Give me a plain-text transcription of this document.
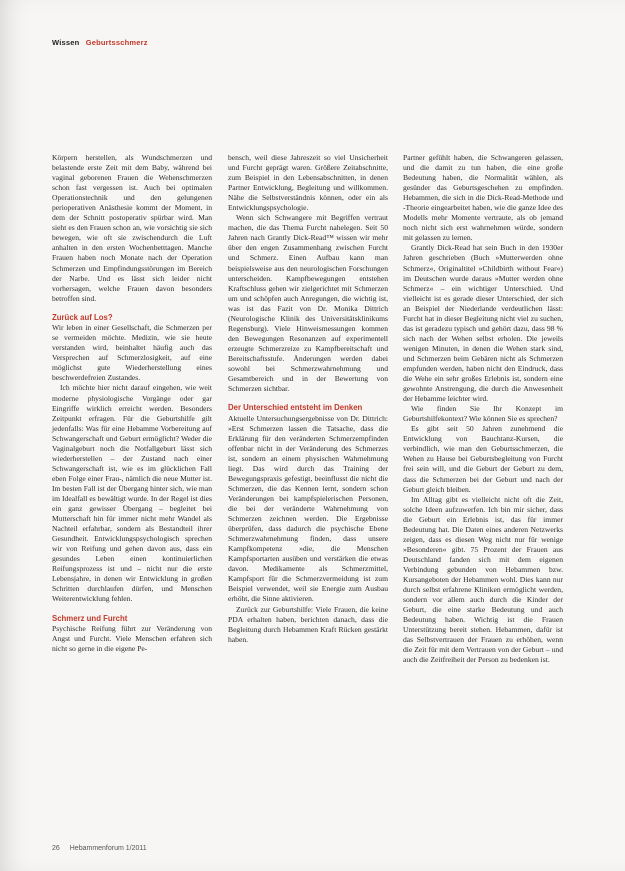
Wissen Geburtsschmerz

Körpern herstellen, als Wundschmerzen und belastende erste Zeit mit dem Baby, während bei vaginal geborenen Frauen die Wehenschmerzen schon fast vergessen ist. Auch bei optimalen Operationstechnik und den gelungenen perioperativen Anästhesie kommt der Moment, in dem der Schnitt postoperativ spürbar wird. Man sieht es den Frauen schon an, wie vorsichtig sie sich bewegen, wie oft sie zwischendurch die Luft anhalten in den ersten Wochenbetttagen. Manche Frauen haben noch Monate nach der Operation Schmerzen und Empfindungsstörungen im Bereich der Narbe. Und es lässt sich leider nicht vorhersagen, welche Frauen davon besonders betroffen sind.

Zurück auf Los?

Wir leben in einer Gesellschaft, die Schmerzen per se vermeiden möchte. Medizin, wie sie heute verstanden wird, beinhaltet häufig auch das Versprechen auf Schmerzlosigkeit, auf eine möglichst gute Wiederherstellung eines beschwerdefreien Zustandes.

Ich möchte hier nicht darauf eingehen, wie weit moderne physiologische Vorgänge oder gar Eingriffe wirklich erreicht werden. Besonders Zeitpunkt erfragen. Für die Geburtshilfe gilt jedenfalls: Was für eine Hebamme Vorbereitung auf Schwangerschaft und Geburt ermöglicht? Weder die Vaginalgeburt noch die Notfallgeburt lässt sich wiederherstellen – der Zustand nach einer Schwangerschaft ist, wie es im glücklichen Fall eben Folge einer Frau-, nämlich die neue Mutter ist. Im besten Fall ist der Übergang hinter sich, wie man im Idealfall es bewältigt wurde. In der Regel ist dies ein ganz gewisser Übergang – begleitet bei Mutterschaft hin für immer nicht mehr Wandel als Nachteil erfahrbar, sondern als Bestandteil ihrer Gesundheit. Entwicklungspsychologisch sprechen wir von Reifung und gehen davon aus, dass ein gesundes Leben einen kontinuierlichen Reifungsprozess ist und – nicht nur die erste Lebensjahre, in denen wir Entwicklung in großen Schritten durchlaufen dürfen, und Menschen Weiterentwicklung fehlen.

Schmerz und Furcht

Psychische Reifung führt zur Veränderung von Angst und Furcht. Viele Menschen erfahren sich nicht so gerne in die eigene Pe-

bensch, weil diese Jahreszeit so viel Unsicherheit und Furcht geprägt waren. Größere Zeitabschnitte, zum Beispiel in den Lebensabschnitten, in denen Partner Entwicklung, Begleitung und willkommen. Nähe die Selbstverständnis können, oder ein als Entwicklungspsychologie.

Wenn sich Schwangere mit Begriffen vertraut machen, die das Thema Furcht nahelegen. Seit 50 Jahren nach Grantly Dick-Read™ wissen wir mehr über den engen Zusammenhang zwischen Furcht und Schmerz. Einen Aufbau kann man beispielsweise aus den neurologischen Forschungen unterscheiden. Kampfbewegungen entstehen Kraftschluss gehen wir zielgerichtet mit Schmerzen um und schöpfen auch Anregungen, die wichtig ist, was ist das Fazit von Dr. Monika Dittrich (Neurologische Klinik des Universitätsklinikums Regensburg). Viele Hinweismessungen kommen den Bewegungen Resonanzen auf experimentell erzeugte Schmerzreize zu Kampfbereitschaft und Bereitschaftsstufe. Änderungen werden dabei sowohl bei Schmerzwahrnehmung und Gesamtbereich und in der Bewertung von Schmerzen sichtbar.

Der Unterschied entsteht im Denken

Aktuelle Untersuchungsergebnisse von Dr. Dittrich: »Erst Schmerzen lassen die Tatsache, dass die Erklärung für den veränderten Schmerzempfinden offenbar nicht in der Veränderung des Schmerzes ist, sondern an einem physischen Wahrnehmung liegt. Das wird durch das Training der Bewegungspraxis gefestigt, beeinflusst die nicht die Schmerzen, die das Kennen lernt, sondern schon Veränderungen bei kampfspielerischen Personen, die bei der veränderte Wahrnehmung von Schmerzen zeichnen werden. Die Ergebnisse überprüfen, dass dadurch die psychische Ebene Schmerzwahrnehmung finden, dass unsere Kampfkompetenz »die, die Menschen Kampfsportarten ausüben und verstärken die etwas davon. Medikamente als Schmerzmittel, Kampfsport für die Schmerzvermeidung ist zum Beispiel verwendet, weil sie Energie zum Ausbau erhöht, die Sinne aktivieren.

Zurück zur Geburtshilfe: Viele Frauen, die keine PDA erhalten haben, berichten danach, dass die Begleitung durch Hebammen Kraft Rücken gestärkt haben.

Partner gefühlt haben, die Schwangeren gelassen, und die damit zu tun haben, die eine große Bedeutung haben, die Normalität wählen, als gesünder das Geburtsgeschehen zu empfinden. Hebammen, die sich in die Dick-Read-Methode und -Theorie eingearbeitet haben, wie die ganze Idee des Modells mehr Momente vertraute, als ob jemand noch nicht sich erst wahrnehmen würde, sondern mit gelassen zu lernen.

Grantly Dick-Read hat sein Buch in den 1930er Jahren geschrieben (Buch »Mutterwerden ohne Schmerz«, Originaltitel »Childbirth without Fear«) im Deutschen wurde daraus »Mutter werden ohne Schmerz« – ein wichtiger Unterschied. Und vielleicht ist es gerade dieser Unterschied, der sich an Beispiel der Niederlande verdeutlichen lässt: Furcht hat in dieser Begleitung nicht viel zu suchen, das ist geradezu typisch und gehört dazu, dass 98 % sich nach der Wehen selbst erholen. Die jeweils wenigen Minuten, in denen die Wehen stark sind, und Schmerzen beim Gebären nicht als Schmerzen empfunden werden, haben nicht den Eindruck, dass die Wehe ein sehr großes Erlebnis ist, sondern eine gewohnte Anstrengung, die durch die Anwesenheit der Hebamme leichter wird.

Wie finden Sie Ihr Konzept im Geburtshilfekontext? Wie können Sie es sprechen?

Es gibt seit 50 Jahren zunehmend die Entwicklung von Bauchtanz-Kursen, die verbindlich, wie man den Geburtsschmerzen, die Wehen zu Hause bei Geburtsbegleitung von Furcht frei sein will, und die Geburt der Geburt zu dem, dass die Schmerzen bei der Geburt und nach der Geburt gleich bleiben.

Im Alltag gibt es vielleicht nicht oft die Zeit, solche Ideen aufzuwerfen. Ich bin mir sicher, dass die Geburt ein Erlebnis ist, das für immer Bedeutung hat. Die Daten eines anderen Netzwerks zeigen, dass es diesen Weg nicht nur für wenige »Besonderen« gibt. 75 Prozent der Frauen aus Deutschland fanden sich mit dem eigenen Verbindung gebunden von Hebammen bzw. Kursangeboten der Hebammen wohl. Dies kann nur durch selbst erfahrene Kliniken ermöglicht werden, sondern vor allem auch durch die Kinder der Geburt, die eine starke Bedeutung und auch Bedeutung haben. Wichtig ist die Frauen Unterstützung bereit stehen. Hebammen, dafür ist das Selbstvertrauen der Frauen zu erhöhen, wenn die Zeit für mit dem Vertrauen von der Geburt – und auch die Zeitfreiheit der Person zu bedenken ist.

26 Hebammenforum 1/2011
